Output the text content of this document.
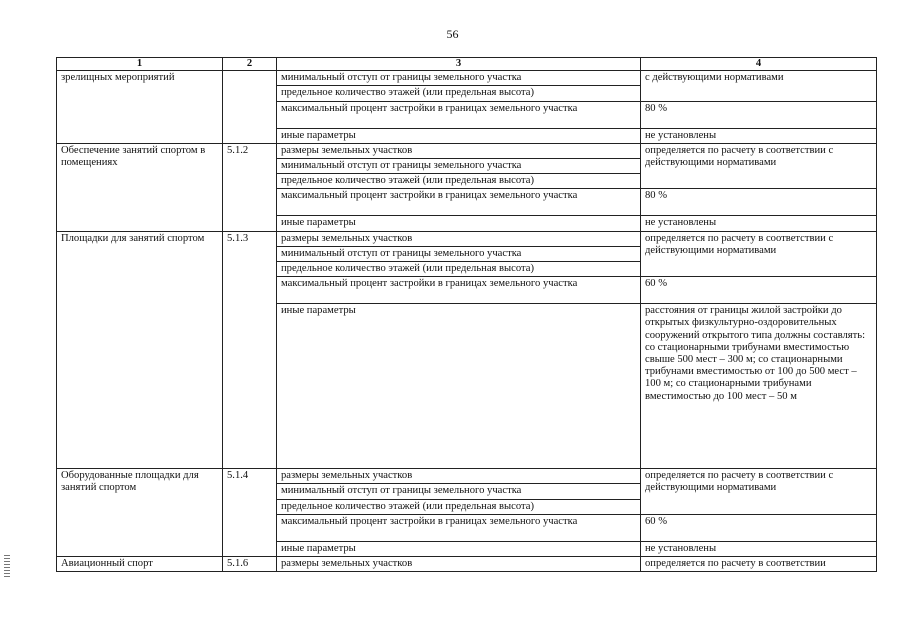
56
1	2	3	4
зрелищных мероприятий		минимальный отступ от границы земельного участка	с действующими нормативами
		предельное количество этажей (или предельная высота)	
		максимальный процент застройки в границах земельного участка	80 %
		иные параметры	не установлены
Обеспечение занятий спортом в помещениях	5.1.2	размеры земельных участков	определяется по расчету в соответствии с действующими нормативами
		минимальный отступ от границы земельного участка	
		предельное количество этажей (или предельная высота)	
		максимальный процент застройки в границах земельного участка	80 %
		иные параметры	не установлены
Площадки для занятий спортом	5.1.3	размеры земельных участков	определяется по расчету в соответствии с действующими нормативами
		минимальный отступ от границы земельного участка	
		предельное количество этажей (или предельная высота)	
		максимальный процент застройки в границах земельного участка	60 %
		иные параметры	расстояния от границы жилой застройки до открытых физкультурно-оздоровительных сооружений открытого типа должны составлять: со стационарными трибунами вместимостью свыше 500 мест – 300 м; со стационарными трибунами вместимостью от 100 до 500 мест – 100 м; со стационарными трибунами вместимостью до 100 мест – 50 м
Оборудованные площадки для занятий спортом	5.1.4	размеры земельных участков	определяется по расчету в соответствии с действующими нормативами
		минимальный отступ от границы земельного участка	
		предельное количество этажей (или предельная высота)	
		максимальный процент застройки в границах земельного участка	60 %
		иные параметры	не установлены
Авиационный спорт	5.1.6	размеры земельных участков	определяется по расчету в соответствии
